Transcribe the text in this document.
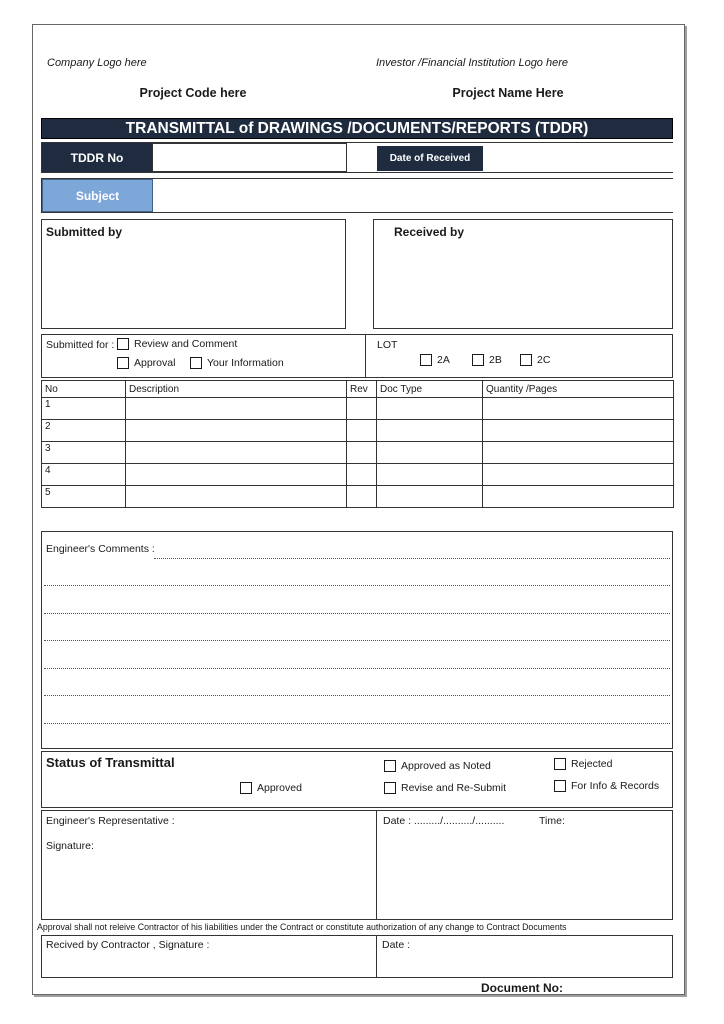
Company Logo here	Investor /Financial Institution Logo here
Project Code here	Project Name Here
TRANSMITTAL of DRAWINGS /DOCUMENTS/REPORTS (TDDR)
TDDR No	Date of Received
Subject
Submitted by	Received by
Submitted for : Review and Comment
Approval	Your Information
LOT
2A	2B	2C
No	Description	Rev	Doc Type	Quantity /Pages
1				
2				
3				
4				
5				
Engineer's Comments :
Status of Transmittal	Approved as Noted	Rejected
Approved	Revise and Re-Submit	For Info & Records
Engineer's Representative :
Signature:
Date : ........./........../..........	Time:
Approval shall not releive Contractor of his liabilities under the Contract or constitute authorization of any change to Contract Documents
Recived by Contractor , Signature :	Date :
Document No:
